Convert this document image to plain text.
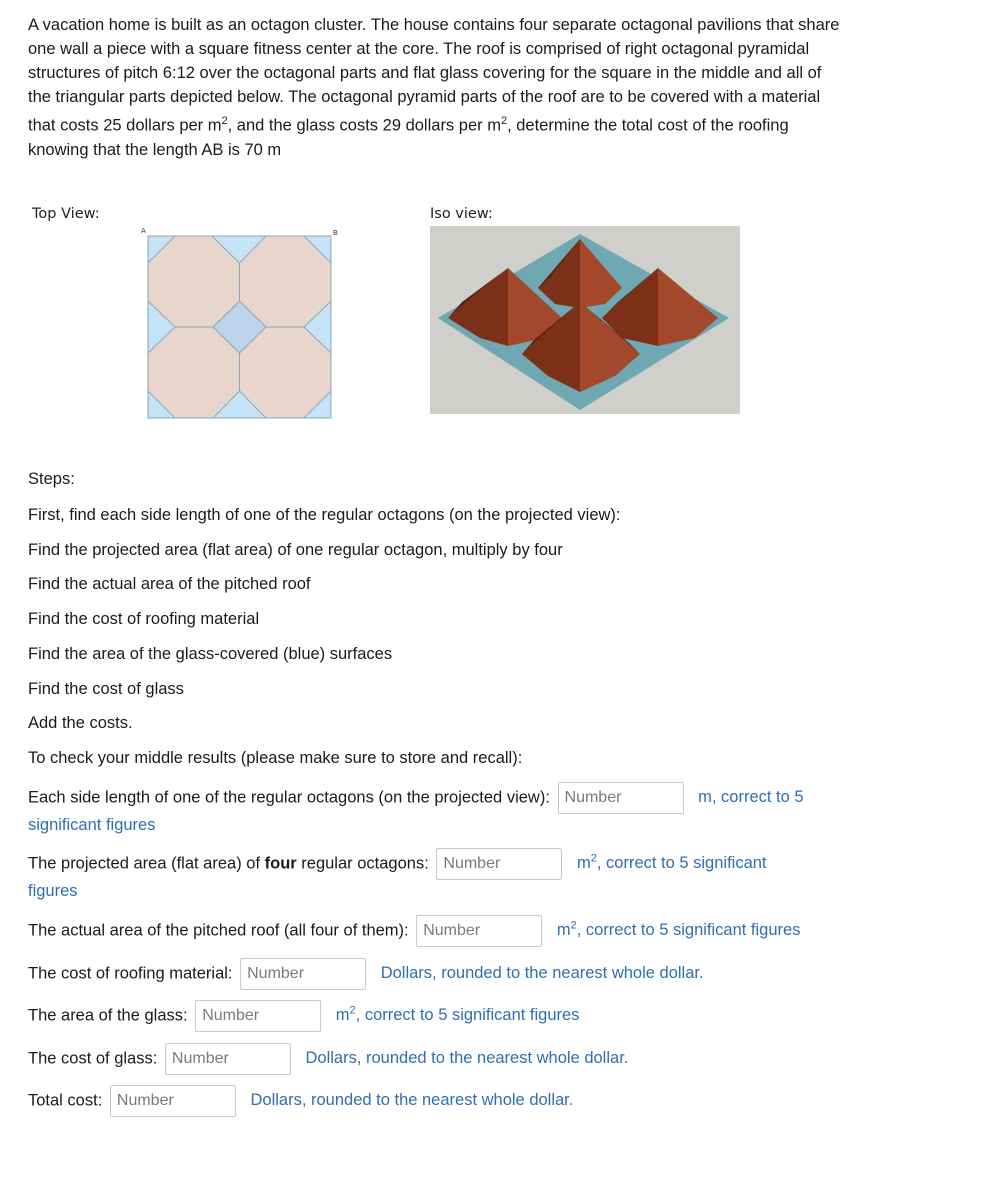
A vacation home is built as an octagon cluster. The house contains four separate octagonal pavilions that share one wall a piece with a square fitness center at the core. The roof is comprised of right octagonal pyramidal structures of pitch 6:12 over the octagonal parts and flat glass covering for the square in the middle and all of the triangular parts depicted below. The octagonal pyramid parts of the roof are to be covered with a material that costs 25 dollars per $m^2$, and the glass costs 29 dollars per $m^2$, determine the total cost of the roofing knowing that the length AB is 70 m

Top View:	Iso view:
A	B
Steps:
First, find each side length of one of the regular octagons (on the projected view):
Find the projected area (flat area) of one regular octagon, multiply by four
Find the actual area of the pitched roof
Find the cost of roofing material
Find the area of the glass-covered (blue) surfaces
Find the cost of glass
Add the costs.
To check your middle results (please make sure to store and recall):
Each side length of one of the regular octagons (on the projected view): Number	m, correct to 5
significant figures
The projected area (flat area) of four regular octagons: Number	$m^2$, correct to 5 significant
figures
The actual area of the pitched roof (all four of them): Number	$m^2$, correct to 5 significant figures
The cost of roofing material: Number	Dollars, rounded to the nearest whole dollar.
The area of the glass: Number	$m^2$, correct to 5 significant figures
The cost of glass: Number	Dollars, rounded to the nearest whole dollar.
Total cost: Number	Dollars, rounded to the nearest whole dollar.
